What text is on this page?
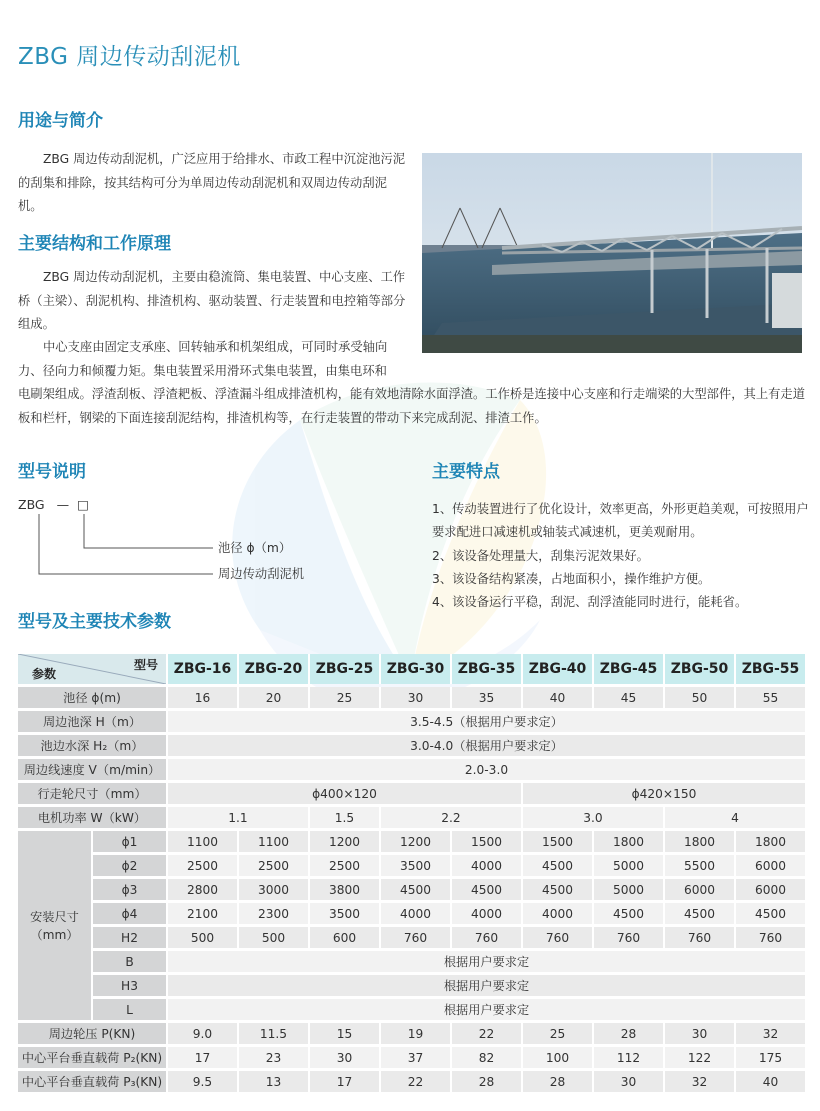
ZBG 周边传动刮泥机
用途与简介
ZBG 周边传动刮泥机，广泛应用于给排水、市政工程中沉淀池污泥的刮集和排除，按其结构可分为单周边传动刮泥机和双周边传动刮泥机。
主要结构和工作原理
ZBG 周边传动刮泥机，主要由稳流筒、集电装置、中心支座、工作桥（主梁）、刮泥机构、排渣机构、驱动装置、行走装置和电控箱等部分组成。
中心支座由固定支承座、回转轴承和机架组成，可同时承受轴向力、径向力和倾覆力矩。集电装置采用滑环式集电装置，由集电环和
电刷架组成。浮渣刮板、浮渣耙板、浮渣漏斗组成排渣机构，能有效地清除水面浮渣。工作桥是连接中心支座和行走端梁的大型部件，其上有走道板和栏杆，钢梁的下面连接刮泥结构，排渣机构等，在行走装置的带动下来完成刮泥、排渣工作。
型号说明
ZBG — □
池径 ϕ（m）
周边传动刮泥机
主要特点

1、传动装置进行了优化设计，效率更高，外形更趋美观，可按照用户要求配进口减速机或轴装式减速机，更美观耐用。

2、该设备处理量大，刮集污泥效果好。

3、该设备结构紧凑，占地面积小，操作维护方便。

4、该设备运行平稳，刮泥、刮浮渣能同时进行，能耗省。

型号及主要技术参数
型号
参数		ZBG-16	ZBG-20	ZBG-25	ZBG-30	ZBG-35	ZBG-40	ZBG-45	ZBG-50	ZBG-55
池径 ϕ(m)		16	20	25	30	35	40	45	50	55
周边池深 H（m）		3.5-4.5（根据用户要求定）								
池边水深 H₂（m）		3.0-4.0（根据用户要求定）								
周边线速度 V（m/min）		2.0-3.0								
行走轮尺寸（mm）		ϕ400×120					ϕ420×150			
电机功率 W（kW）		1.1		1.5	2.2		3.0		4	
安装尺寸（mm）	ϕ1	1100	1100	1200	1200	1500	1500	1800	1800	1800
	ϕ2	2500	2500	2500	3500	4000	4500	5000	5500	6000
	ϕ3	2800	3000	3800	4500	4500	4500	5000	6000	6000
	ϕ4	2100	2300	3500	4000	4000	4000	4500	4500	4500
	H2	500	500	600	760	760	760	760	760	760
	B	根据用户要求定								
	H3	根据用户要求定								
	L	根据用户要求定								
周边轮压 P(KN)		9.0	11.5	15	19	22	25	28	30	32
中心平台垂直载荷 P₂(KN)		17	23	30	37	82	100	112	122	175
中心平台垂直载荷 P₃(KN)		9.5	13	17	22	28	28	30	32	40
